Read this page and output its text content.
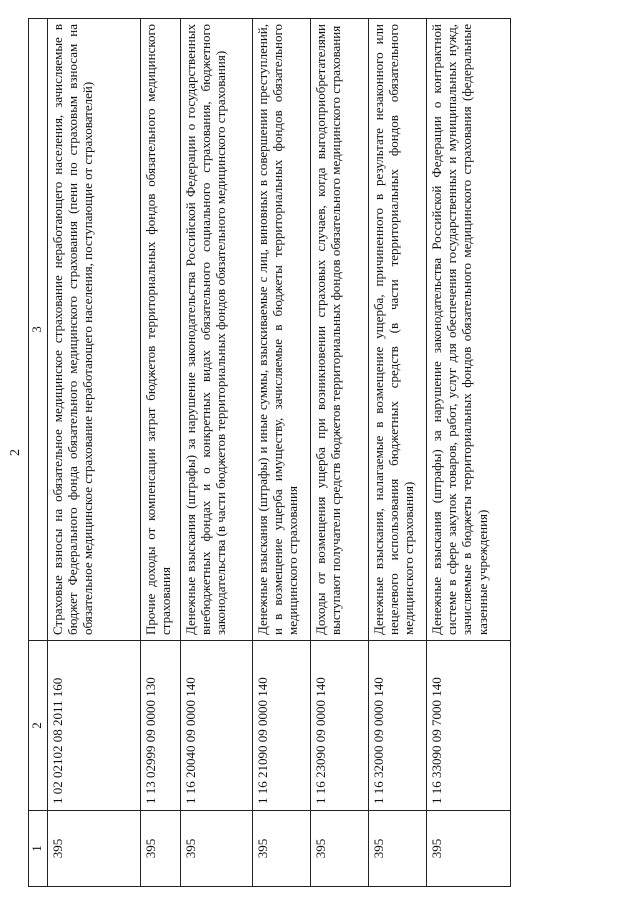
2
1	2	3
395	1 02 02102 08 2011 160	Страховые взносы на обязательное медицинское страхование неработающего населения, зачисляемые в бюджет Федерального фонда обязательного медицинского страхования (пени по страховым взносам на обязательное медицинское страхование неработающего населения, поступающие от страхователей)
395	1 13 02999 09 0000 130	Прочие доходы от компенсации затрат бюджетов территориальных фондов обязательного медицинского страхования
395	1 16 20040 09 0000 140	Денежные взыскания (штрафы) за нарушение законодательства Российской Федерации о государственных внебюджетных фондах и о конкретных видах обязательного социального страхования, бюджетного законодательства (в части бюджетов территориальных фондов обязательного медицинского страхования)
395	1 16 21090 09 0000 140	Денежные взыскания (штрафы) и иные суммы, взыскиваемые с лиц, виновных в совершении преступлений, и в возмещение ущерба имуществу, зачисляемые в бюджеты территориальных фондов обязательного медицинского страхования
395	1 16 23090 09 0000 140	Доходы от возмещения ущерба при возникновении страховых случаев, когда выгодоприобретателями выступают получатели средств бюджетов территориальных фондов обязательного медицинского страхования
395	1 16 32000 09 0000 140	Денежные взыскания, налагаемые в возмещение ущерба, причиненного в результате незаконного или нецелевого использования бюджетных средств (в части территориальных фондов обязательного медицинского страхования)
395	1 16 33090 09 7000 140	Денежные взыскания (штрафы) за нарушение законодательства Российской Федерации о контрактной системе в сфере закупок товаров, работ, услуг для обеспечения государственных и муниципальных нужд, зачисляемые в бюджеты территориальных фондов обязательного медицинского страхования (федеральные казенные учреждения)
